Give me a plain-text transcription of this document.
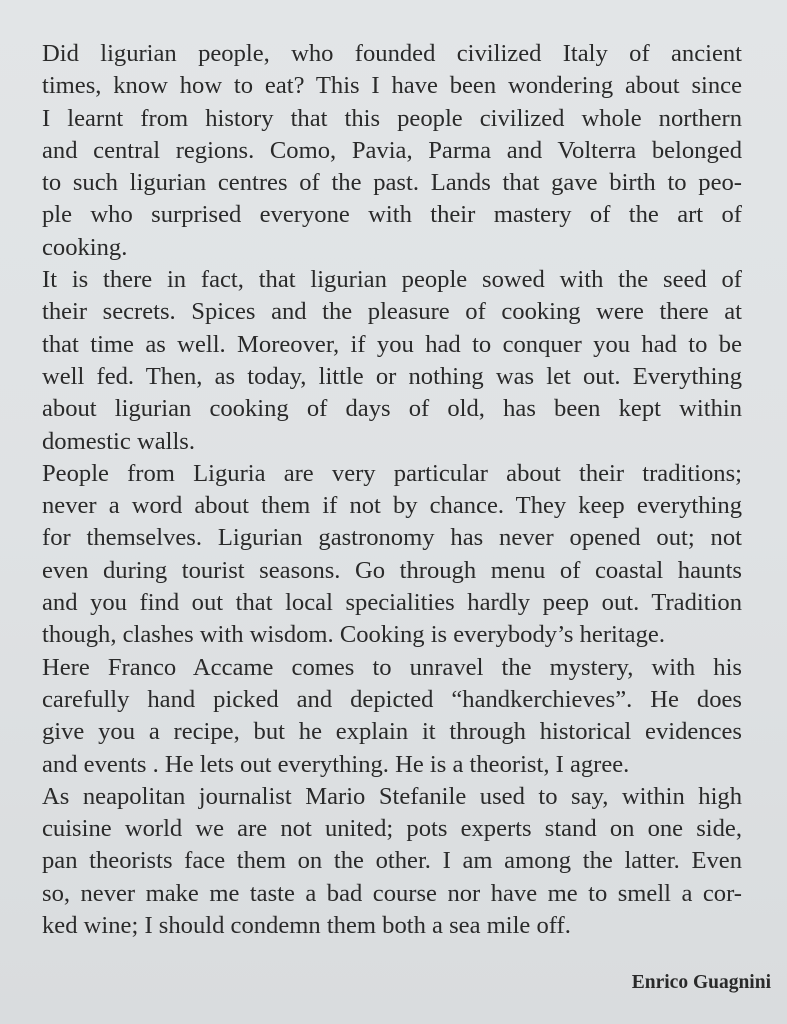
Did ligurian people, who founded civilized Italy of ancient
times, know how to eat? This I have been wondering about since
I learnt from history that this people civilized whole northern
and central regions. Como, Pavia, Parma and Volterra belonged
to such ligurian centres of the past. Lands that gave birth to peo-
ple who surprised everyone with their mastery of the art of
cooking.
It is there in fact, that ligurian people sowed with the seed of
their secrets. Spices and the pleasure of cooking were there at
that time as well. Moreover, if you had to conquer you had to be
well fed. Then, as today, little or nothing was let out. Everything
about ligurian cooking of days of old, has been kept within
domestic walls.
People from Liguria are very particular about their traditions;
never a word about them if not by chance. They keep everything
for themselves. Ligurian gastronomy has never opened out; not
even during tourist seasons. Go through menu of coastal haunts
and you find out that local specialities hardly peep out. Tradition
though, clashes with wisdom. Cooking is everybody’s heritage.
Here Franco Accame comes to unravel the mystery, with his
carefully hand picked and depicted “handkerchieves”. He does
give you a recipe, but he explain it through historical evidences
and events . He lets out everything. He is a theorist, I agree.
As neapolitan journalist Mario Stefanile used to say, within high
cuisine world we are not united; pots experts stand on one side,
pan theorists face them on the other. I am among the latter. Even
so, never make me taste a bad course nor have me to smell a cor-
ked wine; I should condemn them both a sea mile off.
Enrico Guagnini
